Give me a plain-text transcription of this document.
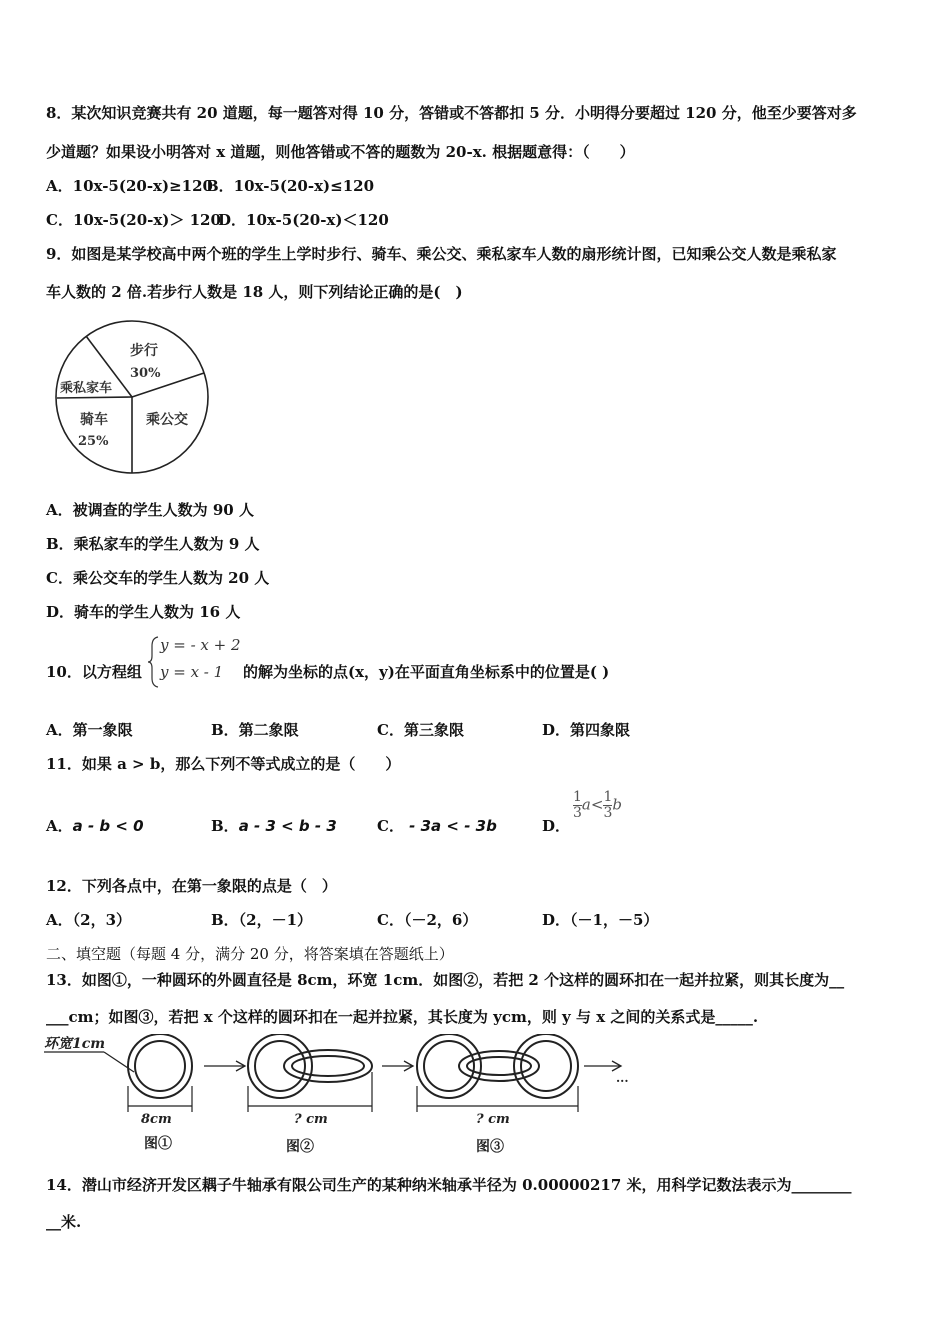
8．某次知识竞赛共有 20 道题，每一题答对得 10 分，答错或不答都扣 5 分．小明得分要超过 120 分，他至少要答对多
少道题？如果设小明答对 x 道题，则他答错或不答的题数为 20-x. 根据题意得：（　　）
A．10x-5(20-x)≥120
B．10x-5(20-x)≤120
C．10x-5(20-x)＞ 120
D．10x-5(20-x)＜120
9．如图是某学校高中两个班的学生上学时步行、骑车、乘公交、乘私家车人数的扇形统计图，已知乘公交人数是乘私家
车人数的 2 倍.若步行人数是 18 人，则下列结论正确的是(　)
步行
30%
乘私家车
骑车
25%
乘公交
A．被调查的学生人数为 90 人
B．乘私家车的学生人数为 9 人
C．乘公交车的学生人数为 20 人
D．骑车的学生人数为 16 人
10．以方程组
y = - x + 2
y = x - 1 的解为坐标的点(x，y)在平面直角坐标系中的位置是( )
A．第一象限	B．第二象限	C．第三象限	D．第四象限
11．如果 a > b，那么下列不等式成立的是（　　）
A．a - b < 0	B．a - 3 < b - 3	C． - 3a < - 3b	D．
$\frac{1}{3} a<\frac{1}{3}$ b
12．下列各点中，在第一象限的点是（　）
A．（2，3）	B．（2，－1）	C．（－2，6）	D．（－1，－5）
二、填空题（每题 4 分，满分 20 分，将答案填在答题纸上）
13．如图①，一种圆环的外圆直径是 8cm，环宽 1cm．如图②，若把 2 个这样的圆环扣在一起并拉紧，则其长度为__
___cm；如图③，若把 x 个这样的圆环扣在一起并拉紧，其长度为 ycm，则 y 与 x 之间的关系式是_____.
环宽1cm
8cm
图①
? cm
图②
? cm
图③
...
14．潜山市经济开发区耦子牛轴承有限公司生产的某种纳米轴承半径为 0.00000217 米，用科学记数法表示为________
__米.
